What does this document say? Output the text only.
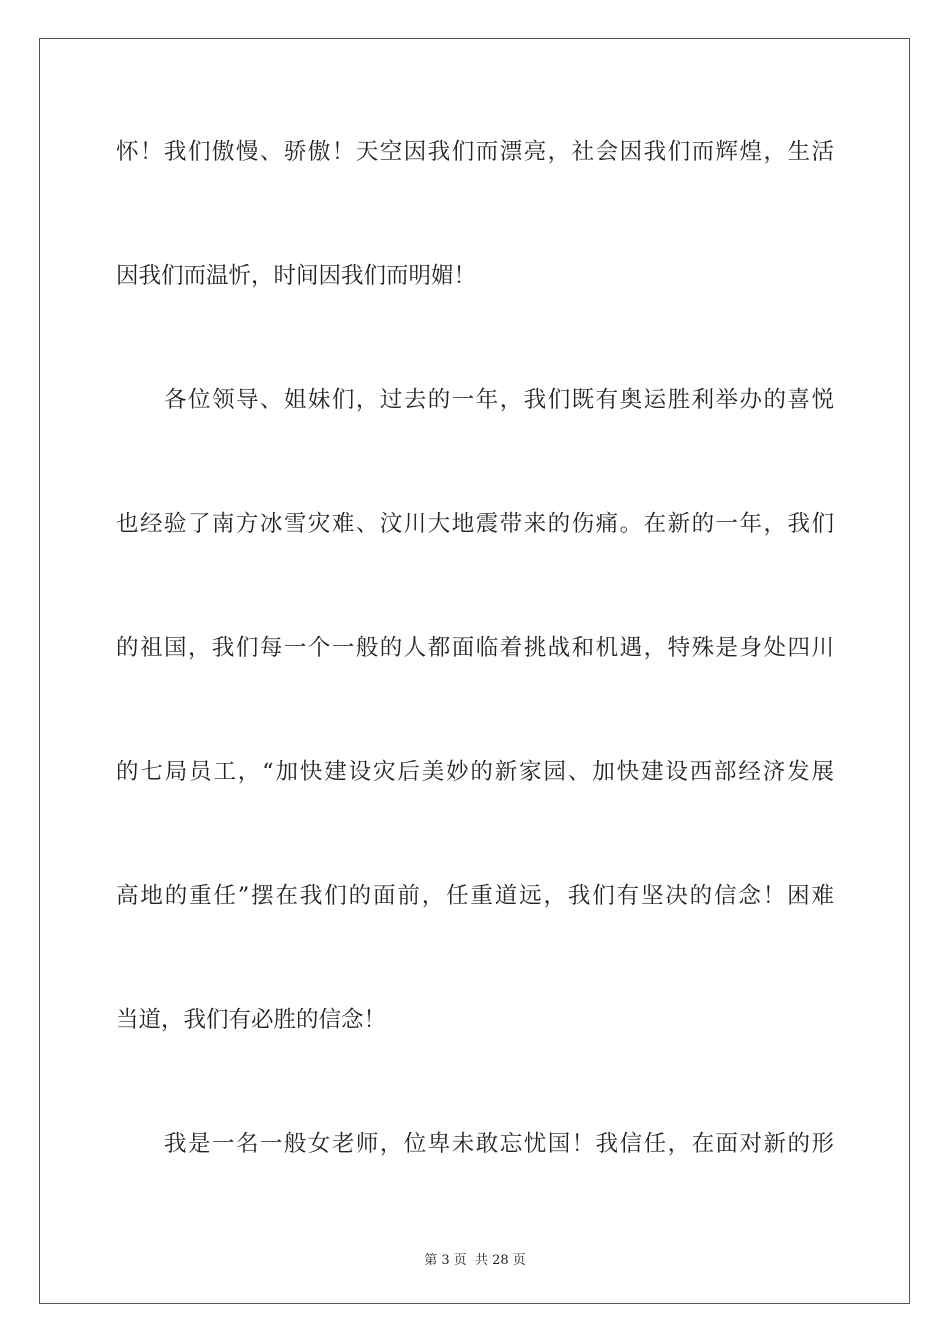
怀！我们傲慢、骄傲！天空因我们而漂亮，社会因我们而辉煌，生活
因我们而温忻，时间因我们而明媚！
各位领导、姐妹们，过去的一年，我们既有奥运胜利举办的喜悦
也经验了南方冰雪灾难、汶川大地震带来的伤痛。在新的一年，我们
的祖国，我们每一个一般的人都面临着挑战和机遇，特殊是身处四川
的七局员工，“加快建设灾后美妙的新家园、加快建设西部经济发展
高地的重任”摆在我们的面前，任重道远，我们有坚决的信念！困难
当道，我们有必胜的信念！
我是一名一般女老师，位卑未敢忘忧国！我信任，在面对新的形
第 3 页 共 28 页
